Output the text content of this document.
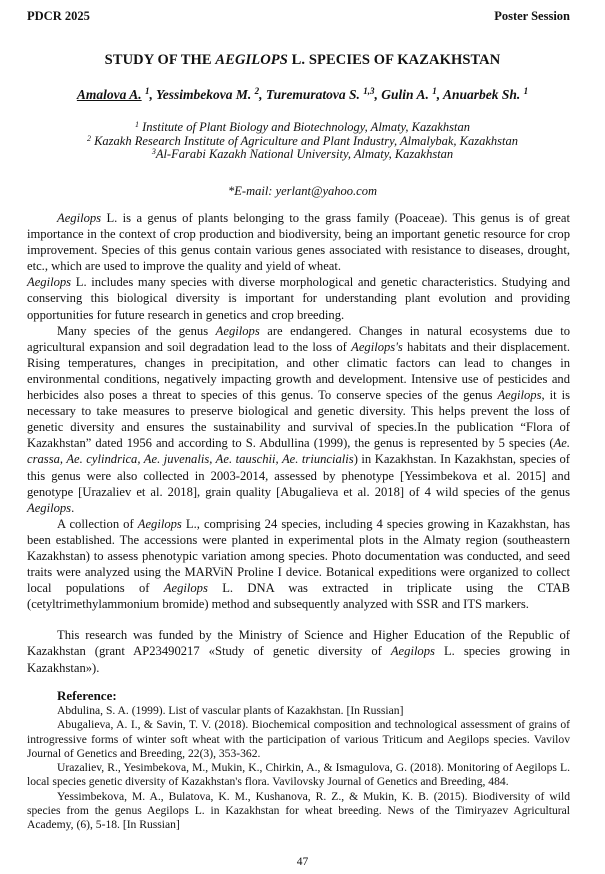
PDCR 2025	Poster Session
STUDY OF THE AEGILOPS L. SPECIES OF KAZAKHSTAN
Amalova A. $^1$, Yessimbekova M. $^2$, Turemuratova S. $^{1,3}$, Gulin A. $^1$, Anuarbek Sh. $^1$
$^1$ Institute of Plant Biology and Biotechnology, Almaty, Kazakhstan
$^2$ Kazakh Research Institute of Agriculture and Plant Industry, Almalybak, Kazakhstan
$^3$Al-Farabi Kazakh National University, Almaty, Kazakhstan
*E-mail: yerlant@yahoo.com

Aegilops L. is a genus of plants belonging to the grass family (Poaceae). This genus is of great importance in the context of crop production and biodiversity, being an important genetic resource for crop improvement. Species of this genus contain various genes associated with resistance to diseases, drought, etc., which are used to improve the quality and yield of wheat.

Aegilops L. includes many species with diverse morphological and genetic characteristics. Studying and conserving this biological diversity is important for understanding plant evolution and providing opportunities for future research in genetics and crop breeding.

Many species of the genus Aegilops are endangered. Changes in natural ecosystems due to agricultural expansion and soil degradation lead to the loss of Aegilops's habitats and their displacement. Rising temperatures, changes in precipitation, and other climatic factors can lead to changes in environmental conditions, negatively impacting growth and development. Intensive use of pesticides and herbicides also poses a threat to species of this genus. To conserve species of the genus Aegilops, it is necessary to take measures to preserve biological and genetic diversity. This helps prevent the loss of genetic diversity and ensures the sustainability and survival of species.In the publication “Flora of Kazakhstan” dated 1956 and according to S. Abdullina (1999), the genus is represented by 5 species (Ae. crassa, Ae. cylindrica, Ae. juvenalis, Ae. tauschii, Ae. triuncialis) in Kazakhstan. In Kazakhstan, species of this genus were also collected in 2003-2014, assessed by phenotype [Yessimbekova et al. 2015] and genotype [Urazaliev et al. 2018], grain quality [Abugalieva et al. 2018] of 4 wild species of the genus Aegilops.

A collection of Aegilops L., comprising 24 species, including 4 species growing in Kazakhstan, has been established. The accessions were planted in experimental plots in the Almaty region (southeastern Kazakhstan) to assess phenotypic variation among species. Photo documentation was conducted, and seed traits were analyzed using the MARViN Proline I device. Botanical expeditions were organized to collect local populations of Aegilops L. DNA was extracted in triplicate using the CTAB (cetyltrimethylammonium bromide) method and subsequently analyzed with SSR and ITS markers.

This research was funded by the Ministry of Science and Higher Education of the Republic of Kazakhstan (grant AP23490217 «Study of genetic diversity of Aegilops L. species growing in Kazakhstan»).

Reference:

Abdulina, S. A. (1999). List of vascular plants of Kazakhstan. [In Russian]

Abugalieva, A. I., & Savin, T. V. (2018). Biochemical composition and technological assessment of grains of introgressive forms of winter soft wheat with the participation of various Triticum and Aegilops species. Vavilov Journal of Genetics and Breeding, 22(3), 353-362.

Urazaliev, R., Yesimbekova, M., Mukin, K., Chirkin, A., & Ismagulova, G. (2018). Monitoring of Aegilops L. local species genetic diversity of Kazakhstan's flora. Vavilovsky Journal of Genetics and Breeding, 484.

Yessimbekova, M. A., Bulatova, K. M., Kushanova, R. Z., & Mukin, K. B. (2015). Biodiversity of wild species from the genus Aegilops L. in Kazakhstan for wheat breeding. News of the Timiryazev Agricultural Academy, (6), 5-18. [In Russian]

47
